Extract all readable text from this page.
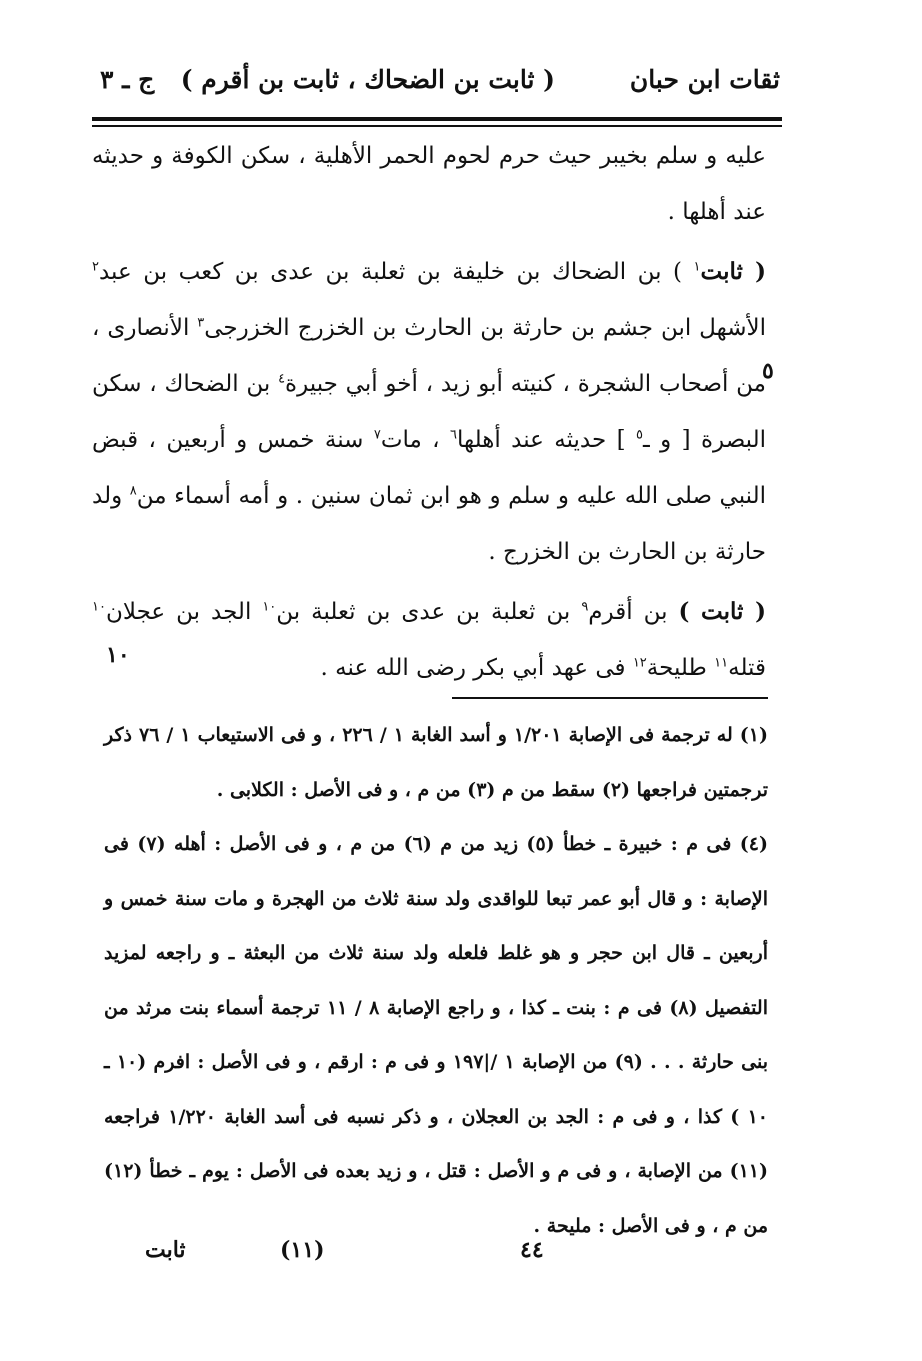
ثقات ابن حبان
( ثابت بن الضحاك ، ثابت بن أقرم )
ج ـ ٣

عليه و سلم بخيبر حيث حرم لحوم الحمر الأهلية ، سكن الكوفة و حديثه عند أهلها .

( ثابت$^١$ ) بن الضحاك بن خليفة بن ثعلبة بن عدى بن كعب بن عبد$^٢$ الأشهل ابن جشم بن حارثة بن الحارث بن الخزرج الخزرجى$^٣$ الأنصارى ، من أصحاب الشجرة ، كنيته أبو زيد ، أخو أبي جبيرة$^٤$ بن الضحاك ، سكن البصرة [ و ـ$^٥$ ] حديثه عند أهلها$^٦$ ، مات$^٧$ سنة خمس و أربعين ، قبض النبي صلى الله عليه و سلم و هو ابن ثمان سنين . و أمه أسماء من$^٨$ ولد حارثة بن الحارث بن الخزرج .

( ثابت ) بن أقرم$^٩$ بن ثعلبة بن عدى بن ثعلبة بن$^{١٠}$ الجد بن عجلان$^{١٠}$ قتله$^{١١}$ طليحة$^{١٢}$ فى عهد أبي بكر رضى الله عنه .

٥
١٠

(١) له ترجمة فى الإصابة ١/٢٠١ و أسد الغابة ١ / ٢٢٦ ، و فى الاستيعاب ١ / ٧٦ ذكر ترجمتين فراجعها (٢) سقط من م (٣) من م ، و فى الأصل : الكلابى .

(٤) فى م : خبيرة ـ خطأ (٥) زيد من م (٦) من م ، و فى الأصل : أهله (٧) فى الإصابة : و قال أبو عمر تبعا للواقدى ولد سنة ثلاث من الهجرة و مات سنة خمس و أربعين ـ قال ابن حجر و هو غلط فلعله ولد سنة ثلاث من البعثة ـ و راجعه لمزيد التفصيل (٨) فى م : بنت ـ كذا ، و راجع الإصابة ٨ / ١١ ترجمة أسماء بنت مرثد من بنى حارثة . . . (٩) من الإصابة ١ /|١٩٧ و فى م : ارقم ، و فى الأصل : افرم (١٠ ـ ١٠ ) كذا ، و فى م : الجد بن العجلان ، و ذكر نسبه فى أسد الغابة ١/٢٢٠ فراجعه (١١) من الإصابة ، و فى م و الأصل : قتل ، و زيد بعده فى الأصل : يوم ـ خطأ (١٢) من م ، و فى الأصل : مليحة .

٤٤
(١١)
ثابت
